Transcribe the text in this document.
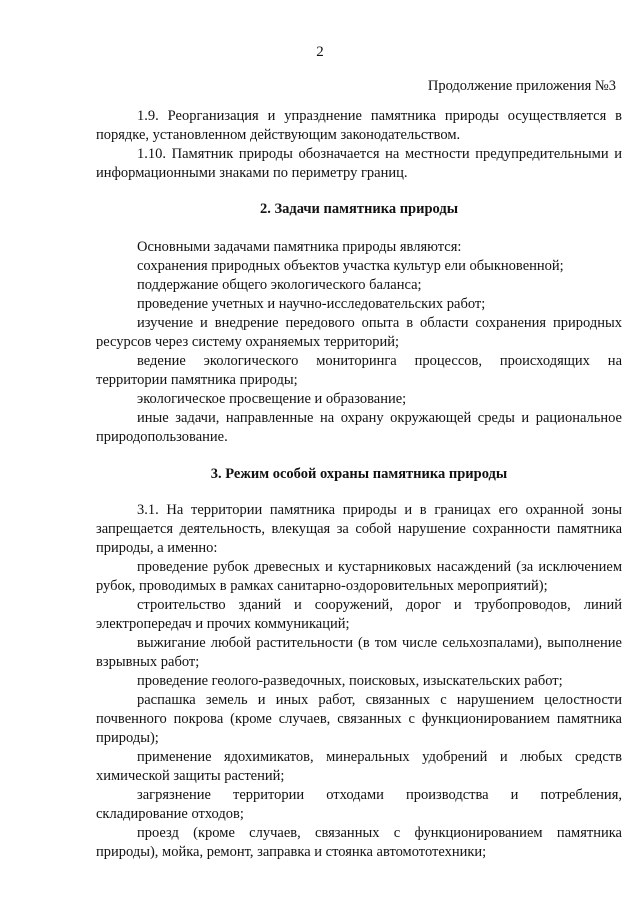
2
Продолжение приложения №3

1.9. Реорганизация и упразднение памятника природы осуществляется в порядке, установленном действующим законодательством.

1.10. Памятник природы обозначается на местности предупредительными и информационными знаками по периметру границ.

2. Задачи памятника природы

Основными задачами памятника природы являются:

сохранения природных объектов участка культур ели обыкновенной;

поддержание общего экологического баланса;

проведение учетных и научно-исследовательских работ;

изучение и внедрение передового опыта в области сохранения природных ресурсов через систему охраняемых территорий;

ведение экологического мониторинга процессов, происходящих на территории памятника природы;

экологическое просвещение и образование;

иные задачи, направленные на охрану окружающей среды и рациональное природопользование.

3. Режим особой охраны памятника природы

3.1. На территории памятника природы и в границах его охранной зоны запрещается деятельность, влекущая за собой нарушение сохранности памятника природы, а именно:

проведение рубок древесных и кустарниковых насаждений (за исключением рубок, проводимых в рамках санитарно-оздоровительных мероприятий);

строительство зданий и сооружений, дорог и трубопроводов, линий электропередач и прочих коммуникаций;

выжигание любой растительности (в том числе сельхозпалами), выполнение взрывных работ;

проведение геолого-разведочных, поисковых, изыскательских работ;

распашка земель и иных работ, связанных с нарушением целостности почвенного покрова (кроме случаев, связанных с функционированием памятника природы);

применение ядохимикатов, минеральных удобрений и любых средств химической защиты растений;

загрязнение территории отходами производства и потребления, складирование отходов;

проезд (кроме случаев, связанных с функционированием памятника природы), мойка, ремонт, заправка и стоянка автомототехники;
